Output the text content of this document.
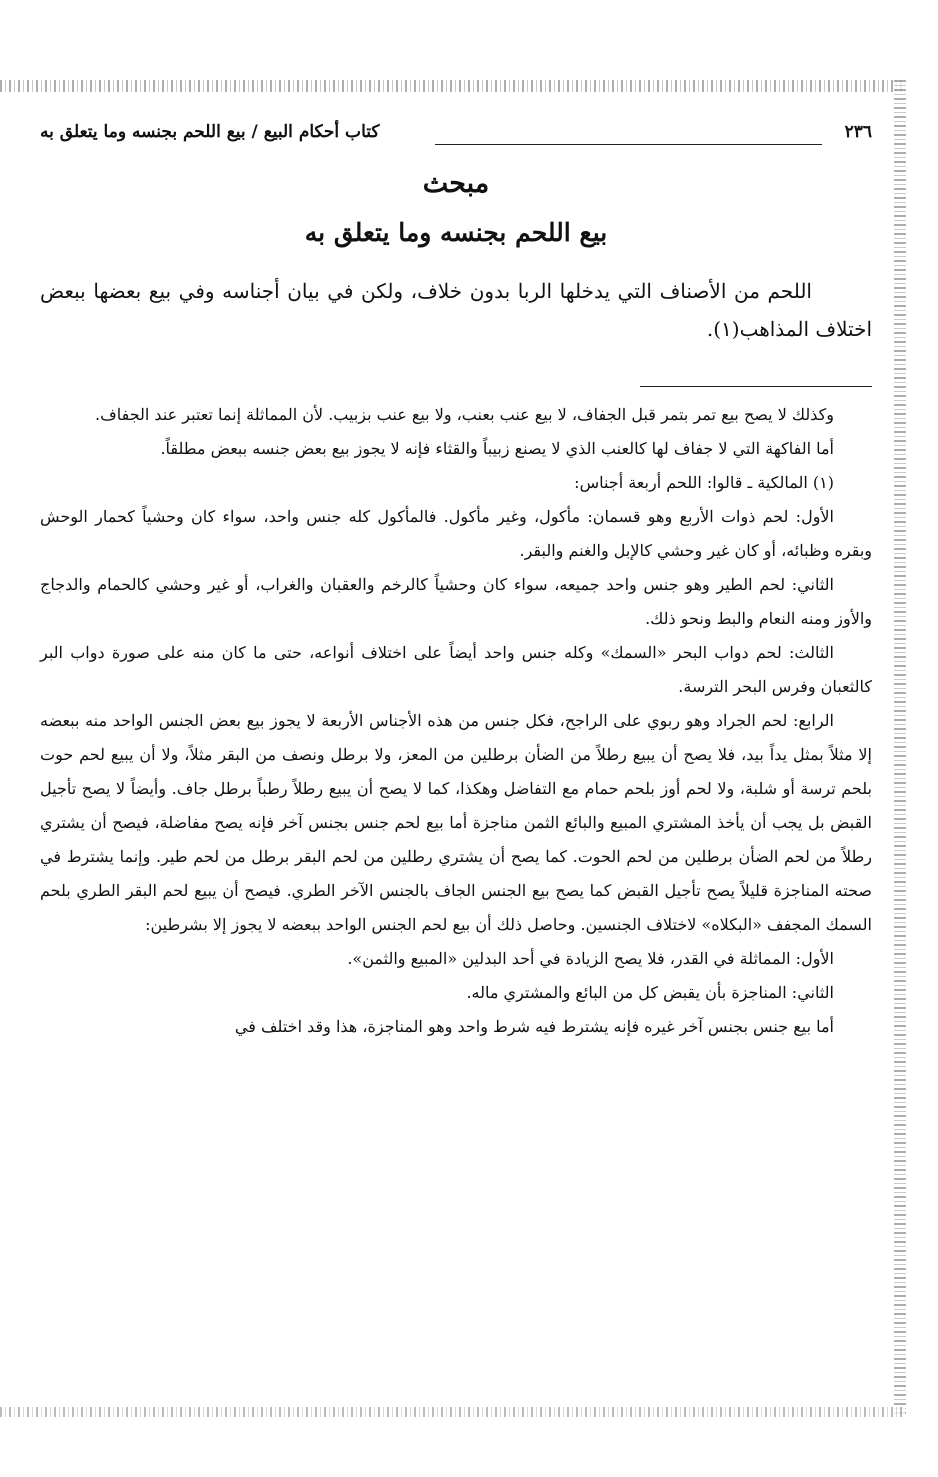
٢٣٦
كتاب أحكام البيع / بيع اللحم بجنسه وما يتعلق به
مبحث
بيع اللحم بجنسه وما يتعلق به

اللحم من الأصناف التي يدخلها الربا بدون خلاف، ولكن في بيان أجناسه وفي بيع بعضها ببعض اختلاف المذاهب(١).

وكذلك لا يصح بيع تمر بتمر قبل الجفاف، لا بيع عنب بعنب، ولا بيع عنب بزبيب. لأن المماثلة إنما تعتبر عند الجفاف.

أما الفاكهة التي لا جفاف لها كالعنب الذي لا يصنع زبيباً والقثاء فإنه لا يجوز بيع بعض جنسه ببعض مطلقاً.

(١) المالكية ـ قالوا: اللحم أربعة أجناس:

الأول: لحم ذوات الأربع وهو قسمان: مأكول، وغير مأكول. فالمأكول كله جنس واحد، سواء كان وحشياً كحمار الوحش وبقره وظبائه، أو كان غير وحشي كالإبل والغنم والبقر.

الثاني: لحم الطير وهو جنس واحد جميعه، سواء كان وحشياً كالرخم والعقبان والغراب، أو غير وحشي كالحمام والدجاج والأوز ومنه النعام والبط ونحو ذلك.

الثالث: لحم دواب البحر «السمك» وكله جنس واحد أيضاً على اختلاف أنواعه، حتى ما كان منه على صورة دواب البر كالثعبان وفرس البحر الترسة.

الرابع: لحم الجراد وهو ربوي على الراجح، فكل جنس من هذه الأجناس الأربعة لا يجوز بيع بعض الجنس الواحد منه ببعضه إلا مثلاً بمثل يداً بيد، فلا يصح أن يبيع رطلاً من الضأن برطلين من المعز، ولا برطل ونصف من البقر مثلاً، ولا أن يبيع لحم حوت بلحم ترسة أو شلبة، ولا لحم أوز بلحم حمام مع التفاضل وهكذا، كما لا يصح أن يبيع رطلاً رطباً برطل جاف. وأيضاً لا يصح تأجيل القبض بل يجب أن يأخذ المشتري المبيع والبائع الثمن مناجزة أما بيع لحم جنس بجنس آخر فإنه يصح مفاضلة، فيصح أن يشتري رطلاً من لحم الضأن برطلين من لحم الحوت. كما يصح أن يشتري رطلين من لحم البقر برطل من لحم طير. وإنما يشترط في صحته المناجزة قليلاً يصح تأجيل القبض كما يصح بيع الجنس الجاف بالجنس الآخر الطري. فيصح أن يبيع لحم البقر الطري بلحم السمك المجفف «البكلاه» لاختلاف الجنسين. وحاصل ذلك أن بيع لحم الجنس الواحد ببعضه لا يجوز إلا بشرطين:

الأول: المماثلة في القدر، فلا يصح الزيادة في أحد البدلين «المبيع والثمن».

الثاني: المناجزة بأن يقبض كل من البائع والمشتري ماله.

أما بيع جنس بجنس آخر غيره فإنه يشترط فيه شرط واحد وهو المناجزة، هذا وقد اختلف في
